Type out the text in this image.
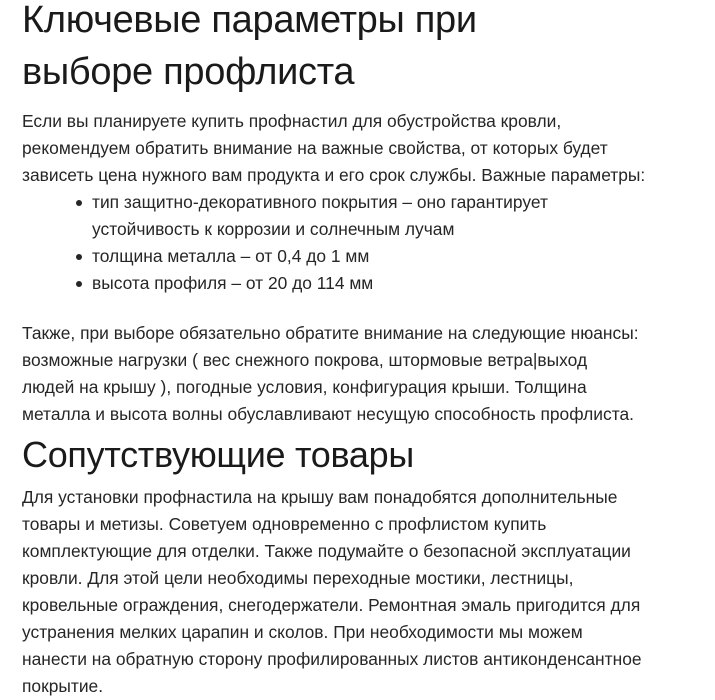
Ключевые параметры при
выборе профлиста

Если вы планируете купить профнастил для обустройства кровли,
рекомендуем обратить внимание на важные свойства, от которых будет
зависеть цена нужного вам продукта и его срок службы. Важные параметры:

тип защитно-декоративного покрытия – оно гарантирует
устойчивость к коррозии и солнечным лучам
толщина металла – от 0,4 до 1 мм
высота профиля – от 20 до 114 мм

Также, при выборе обязательно обратите внимание на следующие нюансы:
возможные нагрузки ( вес снежного покрова, штормовые ветра|выход
людей на крышу ), погодные условия, конфигурация крыши. Толщина
металла и высота волны обуславливают несущую способность профлиста.

Сопутствующие товары

Для установки профнастила на крышу вам понадобятся дополнительные
товары и метизы. Советуем одновременно с профлистом купить
комплектующие для отделки. Также подумайте о безопасной эксплуатации
кровли. Для этой цели необходимы переходные мостики, лестницы,
кровельные ограждения, снегодержатели. Ремонтная эмаль пригодится для
устранения мелких царапин и сколов. При необходимости мы можем
нанести на обратную сторону профилированных листов антиконденсантное
покрытие.
